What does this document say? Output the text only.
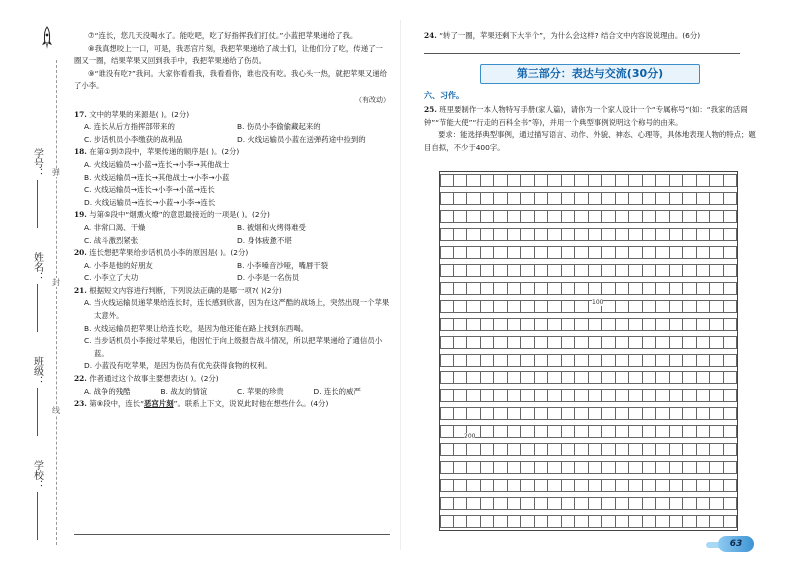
学号：
姓名：
班级：
学校：
弹
封
线

⑦“连长，您几天没喝水了。能吃吧，吃了好指挥我们打仗。”小蓝把苹果递给了我。

⑧我真想咬上一口，可是，我恶宫片刻，我把苹果递给了战士们，让他们分了吃，传递了一圈又一圈，结果苹果又回到我手中，我把苹果递给了伤员。

⑨“谁没有吃?”我问。大家你看看我，我看看你，谁也没有吃。我心头一热，就把苹果又递给了小李。

（有改动）
17. 文中的苹果的来源是( )。(2分)
A. 连长从后方指挥部带来的	B. 伤员小李偷偷藏起来的
C. 步话机员小李缴获的战利品	D. 火线运输员小蓝在送弹药途中捡到的
18. 在第①到⑦段中，苹果传递的顺序是( )。(2分)
A. 火线运输员→小蓝→连长→小李→其他战士
B. 火线运输员→连长→其他战士→小李→小蓝
C. 火线运输员→连长→小李→小蓝→连长
D. 火线运输员→连长→小蓝→小李→连长
19. 与第⑤段中“烟熏火燎”的意思最接近的一项是( )。(2分)
A. 非常口渴、干燥	B. 被烟和火烤得难受
C. 战斗激烈紧张	D. 身体疲惫不堪
20. 连长想把苹果给步话机员小李的原因是( )。(2分)
A. 小李是他的好朋友	B. 小李嗓音沙哑，嘴唇干裂
C. 小李立了大功	D. 小李是一名伤员
21. 根据短文内容进行判断，下列说法正确的是哪一项?( )(2分)
A. 当火线运输员递苹果给连长时，连长感到欣喜，因为在这严酷的战场上，突然出现一个苹果太意外。
B. 火线运输员把苹果让给连长吃，是因为他还能在路上找到东西喝。
C. 当步话机员小李接过苹果后，他因忙于向上级报告战斗情况，所以把苹果递给了通信员小蓝。
D. 小蓝没有吃苹果，是因为伤员有优先获得食物的权利。
22. 作者通过这个故事主要想表达( )。(2分)
A. 战争的残酷	B. 战友的情谊	C. 苹果的珍贵	D. 连长的威严
23. 第⑧段中，连长“恶宫片刻”。联系上下文，说说此时他在想些什么。(4分)
24. “转了一圈，苹果还剩下大半个”，为什么会这样? 结合文中内容说说理由。(6分)
第三部分：表达与交流(30分)
六、习作。
25. 班里要制作一本人物特写手册(家人篇)，请你为一个家人设计一个“专属称号”(如：“我家的活闹钟”“节能大使”“行走的百科全书”等)，并用一个典型事例说明这个称号的由来。

要求：能选择典型事例，通过描写语言、动作、外貌、神态、心理等，具体地表现人物的特点；题目自拟，不少于400字。

100
200
63
